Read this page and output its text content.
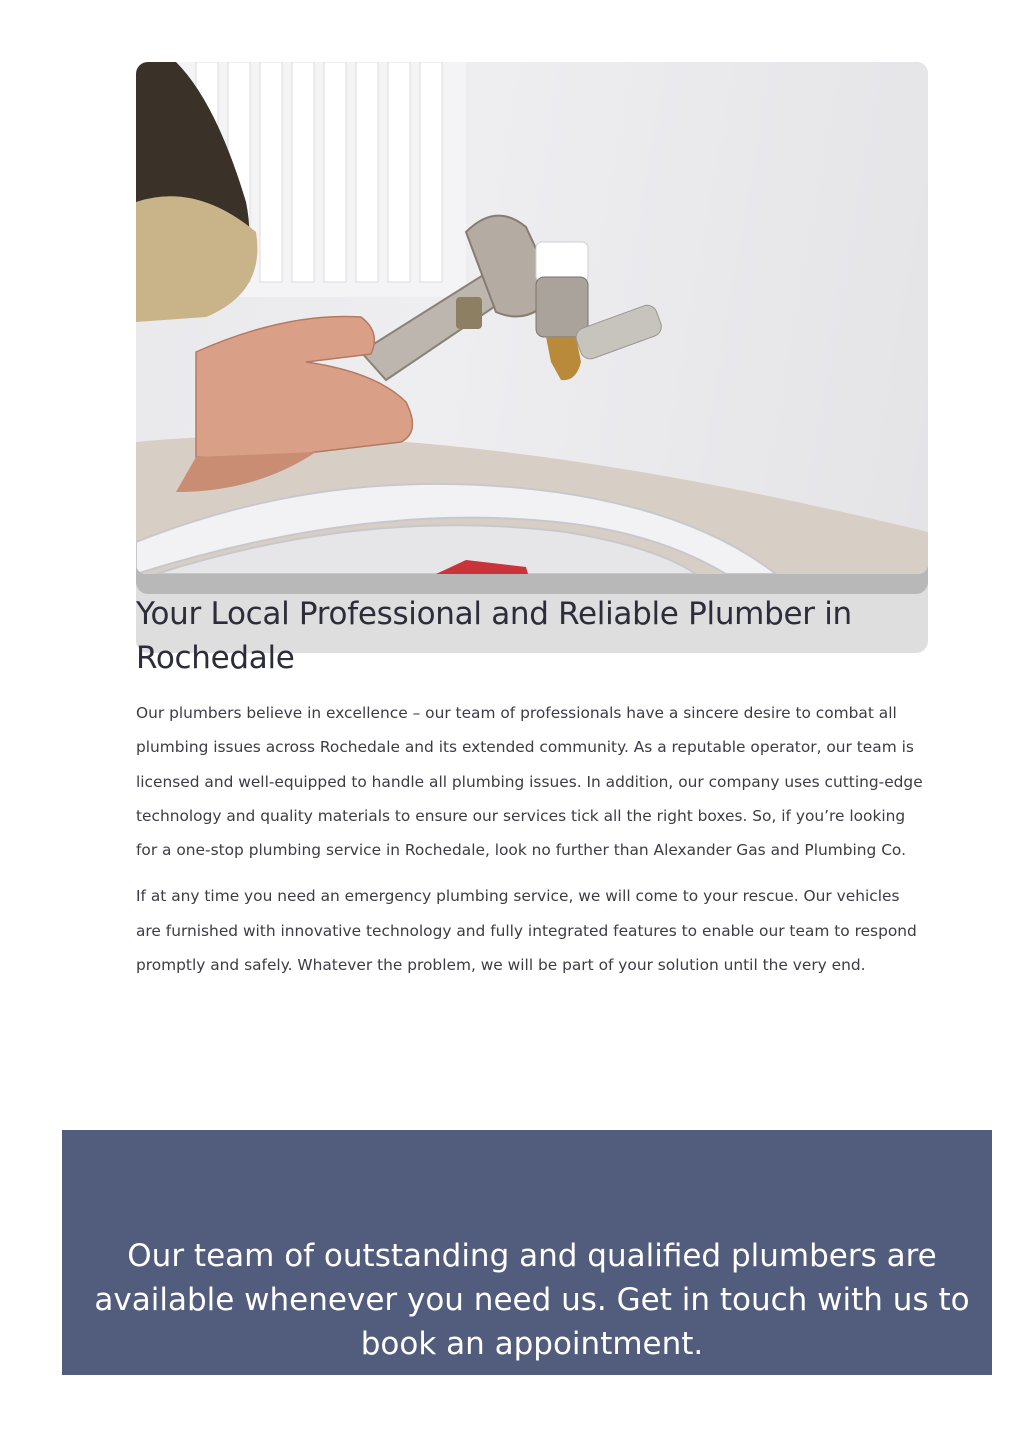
Your Local Professional and Reliable Plumber in Rochedale

Our plumbers believe in excellence – our team of professionals have a sincere desire to combat all plumbing issues across Rochedale and its extended community. As a reputable operator, our team is licensed and well-equipped to handle all plumbing issues. In addition, our company uses cutting-edge technology and quality materials to ensure our services tick all the right boxes. So, if you’re looking for a one-stop plumbing service in Rochedale, look no further than Alexander Gas and Plumbing Co.

If at any time you need an emergency plumbing service, we will come to your rescue. Our vehicles are furnished with innovative technology and fully integrated features to enable our team to respond promptly and safely. Whatever the problem, we will be part of your solution until the very end.

Our team of outstanding and qualified plumbers are available whenever you need us. Get in touch with us to book an appointment.
